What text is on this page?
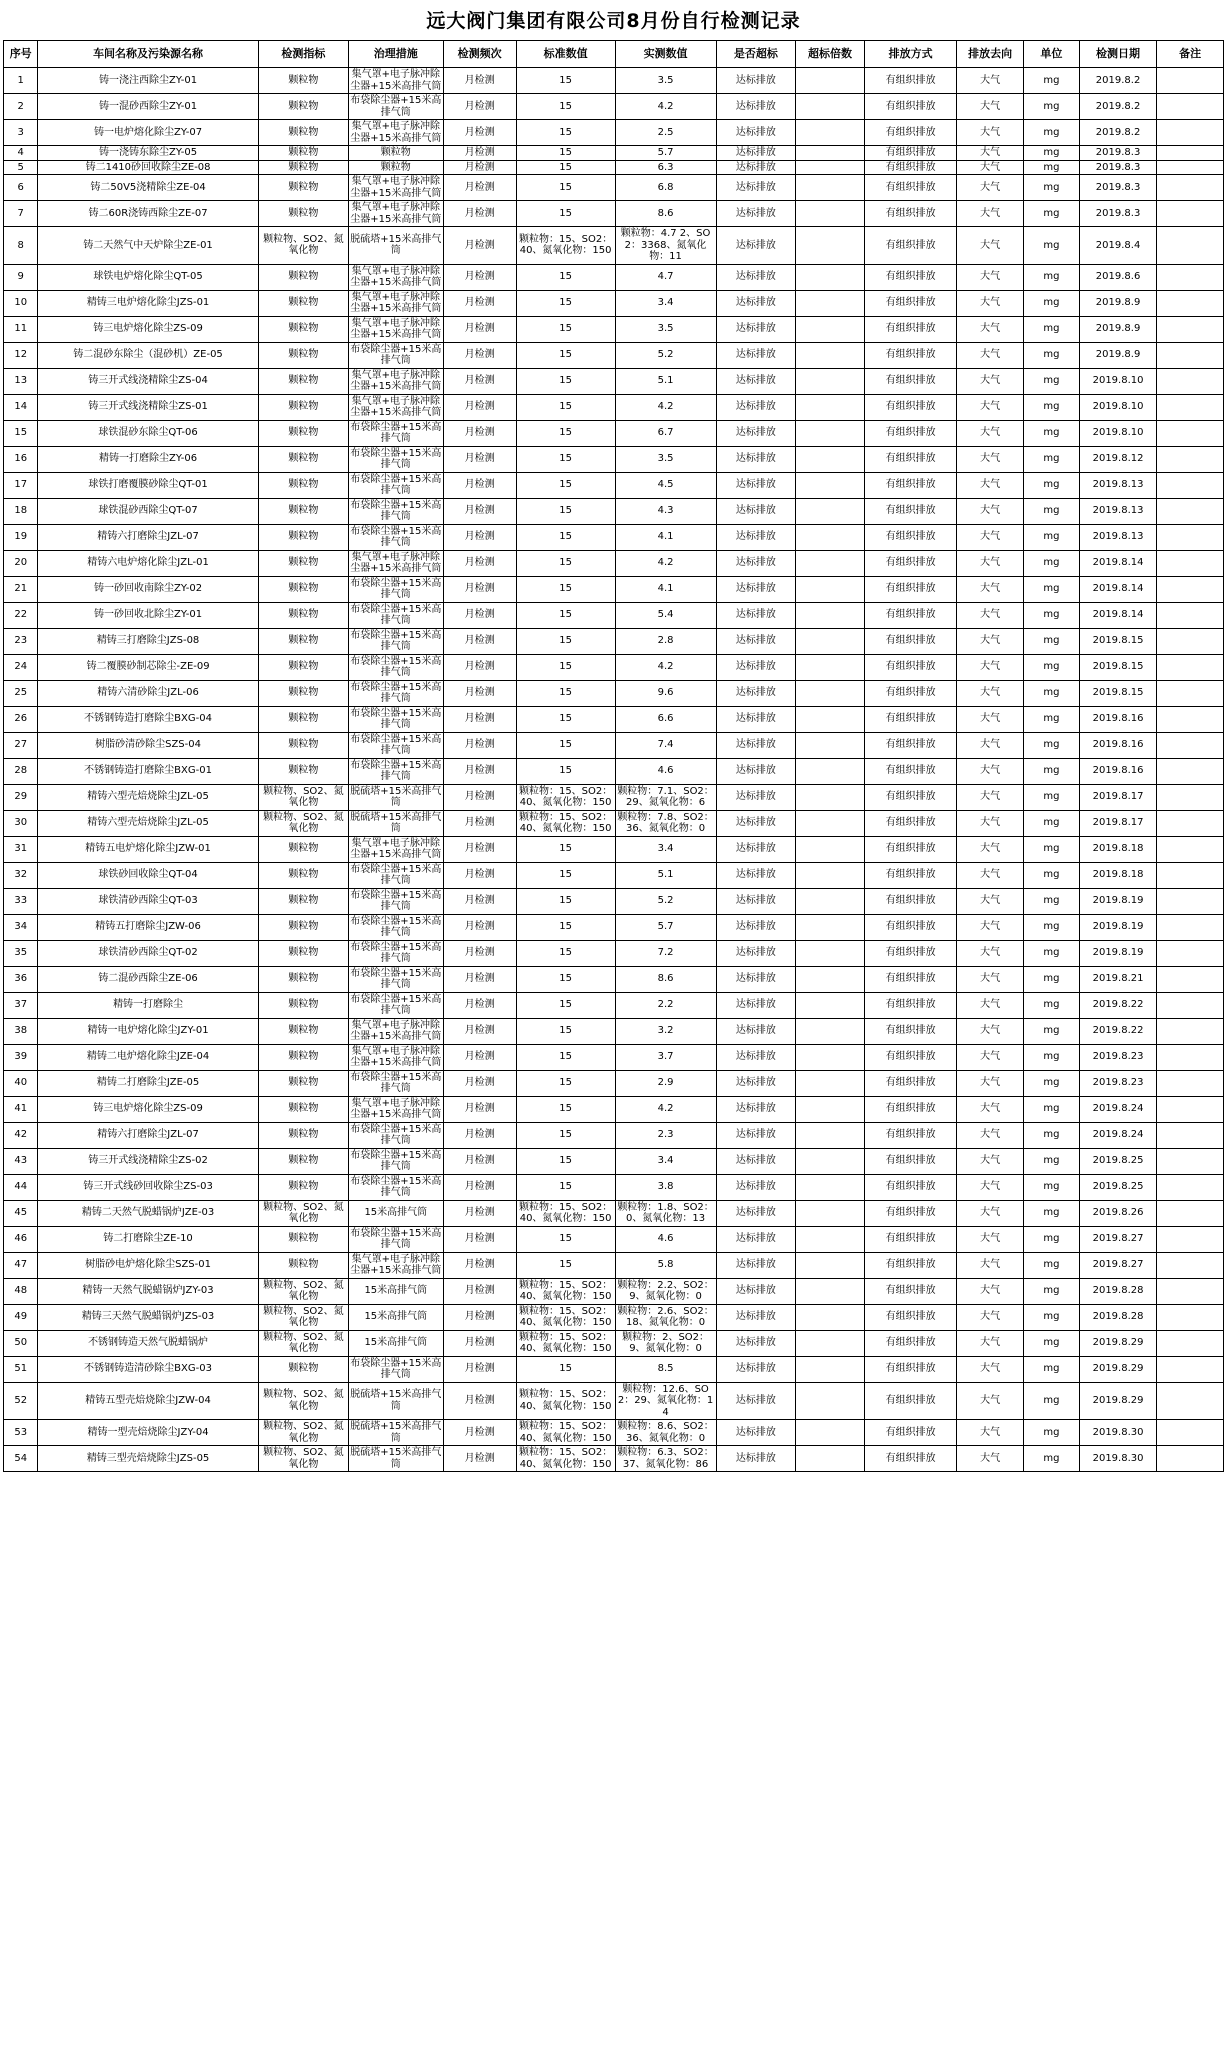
远大阀门集团有限公司8月份自行检测记录
序号	车间名称及污染源名称	检测指标	治理措施	检测频次	标准数值	实测数值	是否超标	超标倍数	排放方式	排放去向	单位	检测日期	备注
1	铸一浇注西除尘ZY-01	颗粒物	集气罩+电子脉冲除尘器+15米高排气筒	月检测	15	3.5	达标排放		有组织排放	大气	mg	2019.8.2	
2	铸一混砂西除尘ZY-01	颗粒物	布袋除尘器+15米高排气筒	月检测	15	4.2	达标排放		有组织排放	大气	mg	2019.8.2	
3	铸一电炉熔化除尘ZY-07	颗粒物	集气罩+电子脉冲除尘器+15米高排气筒	月检测	15	2.5	达标排放		有组织排放	大气	mg	2019.8.2	
4	铸一浇铸东除尘ZY-05	颗粒物	颗粒物	月检测	15	5.7	达标排放		有组织排放	大气	mg	2019.8.3	
5	铸二1410砂回收除尘ZE-08	颗粒物	颗粒物	月检测	15	6.3	达标排放		有组织排放	大气	mg	2019.8.3	
6	铸二50V5浇精除尘ZE-04	颗粒物	集气罩+电子脉冲除尘器+15米高排气筒	月检测	15	6.8	达标排放		有组织排放	大气	mg	2019.8.3	
7	铸二60R浇铸西除尘ZE-07	颗粒物	集气罩+电子脉冲除尘器+15米高排气筒	月检测	15	8.6	达标排放		有组织排放	大气	mg	2019.8.3	
8	铸二天然气中天炉除尘ZE-01	颗粒物、SO2、氮氧化物	脱硫塔+15米高排气筒	月检测	颗粒物：15、SO2：40、氮氧化物：150	颗粒物：4.7 2、SO2：3368、氮氧化物：11	达标排放		有组织排放	大气	mg	2019.8.4	
9	球铁电炉熔化除尘QT-05	颗粒物	集气罩+电子脉冲除尘器+15米高排气筒	月检测	15	4.7	达标排放		有组织排放	大气	mg	2019.8.6	
10	精铸三电炉熔化除尘JZS-01	颗粒物	集气罩+电子脉冲除尘器+15米高排气筒	月检测	15	3.4	达标排放		有组织排放	大气	mg	2019.8.9	
11	铸三电炉熔化除尘ZS-09	颗粒物	集气罩+电子脉冲除尘器+15米高排气筒	月检测	15	3.5	达标排放		有组织排放	大气	mg	2019.8.9	
12	铸二混砂东除尘（混砂机）ZE-05	颗粒物	布袋除尘器+15米高排气筒	月检测	15	5.2	达标排放		有组织排放	大气	mg	2019.8.9	
13	铸三开式线浇精除尘ZS-04	颗粒物	集气罩+电子脉冲除尘器+15米高排气筒	月检测	15	5.1	达标排放		有组织排放	大气	mg	2019.8.10	
14	铸三开式线浇精除尘ZS-01	颗粒物	集气罩+电子脉冲除尘器+15米高排气筒	月检测	15	4.2	达标排放		有组织排放	大气	mg	2019.8.10	
15	球铁混砂东除尘QT-06	颗粒物	布袋除尘器+15米高排气筒	月检测	15	6.7	达标排放		有组织排放	大气	mg	2019.8.10	
16	精铸一打磨除尘ZY-06	颗粒物	布袋除尘器+15米高排气筒	月检测	15	3.5	达标排放		有组织排放	大气	mg	2019.8.12	
17	球铁打磨覆膜砂除尘QT-01	颗粒物	布袋除尘器+15米高排气筒	月检测	15	4.5	达标排放		有组织排放	大气	mg	2019.8.13	
18	球铁混砂西除尘QT-07	颗粒物	布袋除尘器+15米高排气筒	月检测	15	4.3	达标排放		有组织排放	大气	mg	2019.8.13	
19	精铸六打磨除尘JZL-07	颗粒物	布袋除尘器+15米高排气筒	月检测	15	4.1	达标排放		有组织排放	大气	mg	2019.8.13	
20	精铸六电炉熔化除尘JZL-01	颗粒物	集气罩+电子脉冲除尘器+15米高排气筒	月检测	15	4.2	达标排放		有组织排放	大气	mg	2019.8.14	
21	铸一砂回收南除尘ZY-02	颗粒物	布袋除尘器+15米高排气筒	月检测	15	4.1	达标排放		有组织排放	大气	mg	2019.8.14	
22	铸一砂回收北除尘ZY-01	颗粒物	布袋除尘器+15米高排气筒	月检测	15	5.4	达标排放		有组织排放	大气	mg	2019.8.14	
23	精铸三打磨除尘JZS-08	颗粒物	布袋除尘器+15米高排气筒	月检测	15	2.8	达标排放		有组织排放	大气	mg	2019.8.15	
24	铸二覆膜砂制芯除尘-ZE-09	颗粒物	布袋除尘器+15米高排气筒	月检测	15	4.2	达标排放		有组织排放	大气	mg	2019.8.15	
25	精铸六清砂除尘JZL-06	颗粒物	布袋除尘器+15米高排气筒	月检测	15	9.6	达标排放		有组织排放	大气	mg	2019.8.15	
26	不锈钢铸造打磨除尘BXG-04	颗粒物	布袋除尘器+15米高排气筒	月检测	15	6.6	达标排放		有组织排放	大气	mg	2019.8.16	
27	树脂砂清砂除尘SZS-04	颗粒物	布袋除尘器+15米高排气筒	月检测	15	7.4	达标排放		有组织排放	大气	mg	2019.8.16	
28	不锈钢铸造打磨除尘BXG-01	颗粒物	布袋除尘器+15米高排气筒	月检测	15	4.6	达标排放		有组织排放	大气	mg	2019.8.16	
29	精铸六型壳焙烧除尘JZL-05	颗粒物、SO2、氮氧化物	脱硫塔+15米高排气筒	月检测	颗粒物：15、SO2：40、氮氧化物：150	颗粒物：7.1、SO2：29、氮氧化物：6	达标排放		有组织排放	大气	mg	2019.8.17	
30	精铸六型壳焙烧除尘JZL-05	颗粒物、SO2、氮氧化物	脱硫塔+15米高排气筒	月检测	颗粒物：15、SO2：40、氮氧化物：150	颗粒物：7.8、SO2：36、氮氧化物：0	达标排放		有组织排放	大气	mg	2019.8.17	
31	精铸五电炉熔化除尘JZW-01	颗粒物	集气罩+电子脉冲除尘器+15米高排气筒	月检测	15	3.4	达标排放		有组织排放	大气	mg	2019.8.18	
32	球铁砂回收除尘QT-04	颗粒物	布袋除尘器+15米高排气筒	月检测	15	5.1	达标排放		有组织排放	大气	mg	2019.8.18	
33	球铁清砂西除尘QT-03	颗粒物	布袋除尘器+15米高排气筒	月检测	15	5.2	达标排放		有组织排放	大气	mg	2019.8.19	
34	精铸五打磨除尘JZW-06	颗粒物	布袋除尘器+15米高排气筒	月检测	15	5.7	达标排放		有组织排放	大气	mg	2019.8.19	
35	球铁清砂西除尘QT-02	颗粒物	布袋除尘器+15米高排气筒	月检测	15	7.2	达标排放		有组织排放	大气	mg	2019.8.19	
36	铸二混砂西除尘ZE-06	颗粒物	布袋除尘器+15米高排气筒	月检测	15	8.6	达标排放		有组织排放	大气	mg	2019.8.21	
37	精铸一打磨除尘	颗粒物	布袋除尘器+15米高排气筒	月检测	15	2.2	达标排放		有组织排放	大气	mg	2019.8.22	
38	精铸一电炉熔化除尘JZY-01	颗粒物	集气罩+电子脉冲除尘器+15米高排气筒	月检测	15	3.2	达标排放		有组织排放	大气	mg	2019.8.22	
39	精铸二电炉熔化除尘JZE-04	颗粒物	集气罩+电子脉冲除尘器+15米高排气筒	月检测	15	3.7	达标排放		有组织排放	大气	mg	2019.8.23	
40	精铸二打磨除尘JZE-05	颗粒物	布袋除尘器+15米高排气筒	月检测	15	2.9	达标排放		有组织排放	大气	mg	2019.8.23	
41	铸三电炉熔化除尘ZS-09	颗粒物	集气罩+电子脉冲除尘器+15米高排气筒	月检测	15	4.2	达标排放		有组织排放	大气	mg	2019.8.24	
42	精铸六打磨除尘JZL-07	颗粒物	布袋除尘器+15米高排气筒	月检测	15	2.3	达标排放		有组织排放	大气	mg	2019.8.24	
43	铸三开式线浇精除尘ZS-02	颗粒物	布袋除尘器+15米高排气筒	月检测	15	3.4	达标排放		有组织排放	大气	mg	2019.8.25	
44	铸三开式线砂回收除尘ZS-03	颗粒物	布袋除尘器+15米高排气筒	月检测	15	3.8	达标排放		有组织排放	大气	mg	2019.8.25	
45	精铸二天然气脱蜡锅炉JZE-03	颗粒物、SO2、氮氧化物	15米高排气筒	月检测	颗粒物：15、SO2：40、氮氧化物：150	颗粒物：1.8、SO2：0、氮氧化物：13	达标排放		有组织排放	大气	mg	2019.8.26	
46	铸二打磨除尘ZE-10	颗粒物	布袋除尘器+15米高排气筒	月检测	15	4.6	达标排放		有组织排放	大气	mg	2019.8.27	
47	树脂砂电炉熔化除尘SZS-01	颗粒物	集气罩+电子脉冲除尘器+15米高排气筒	月检测	15	5.8	达标排放		有组织排放	大气	mg	2019.8.27	
48	精铸一天然气脱蜡锅炉JZY-03	颗粒物、SO2、氮氧化物	15米高排气筒	月检测	颗粒物：15、SO2：40、氮氧化物：150	颗粒物：2.2、SO2：9、氮氧化物：0	达标排放		有组织排放	大气	mg	2019.8.28	
49	精铸三天然气脱蜡锅炉JZS-03	颗粒物、SO2、氮氧化物	15米高排气筒	月检测	颗粒物：15、SO2：40、氮氧化物：150	颗粒物：2.6、SO2：18、氮氧化物：0	达标排放		有组织排放	大气	mg	2019.8.28	
50	不锈钢铸造天然气脱蜡锅炉	颗粒物、SO2、氮氧化物	15米高排气筒	月检测	颗粒物：15、SO2：40、氮氧化物：150	颗粒物：2、SO2：9、氮氧化物：0	达标排放		有组织排放	大气	mg	2019.8.29	
51	不锈钢铸造清砂除尘BXG-03	颗粒物	布袋除尘器+15米高排气筒	月检测	15	8.5	达标排放		有组织排放	大气	mg	2019.8.29	
52	精铸五型壳焙烧除尘JZW-04	颗粒物、SO2、氮氧化物	脱硫塔+15米高排气筒	月检测	颗粒物：15、SO2：40、氮氧化物：150	颗粒物：12.6、SO2：29、氮氧化物：14	达标排放		有组织排放	大气	mg	2019.8.29	
53	精铸一型壳焙烧除尘JZY-04	颗粒物、SO2、氮氧化物	脱硫塔+15米高排气筒	月检测	颗粒物：15、SO2：40、氮氧化物：150	颗粒物：8.6、SO2：36、氮氧化物：0	达标排放		有组织排放	大气	mg	2019.8.30	
54	精铸三型壳焙烧除尘JZS-05	颗粒物、SO2、氮氧化物	脱硫塔+15米高排气筒	月检测	颗粒物：15、SO2：40、氮氧化物：150	颗粒物：6.3、SO2：37、氮氧化物：86	达标排放		有组织排放	大气	mg	2019.8.30	
